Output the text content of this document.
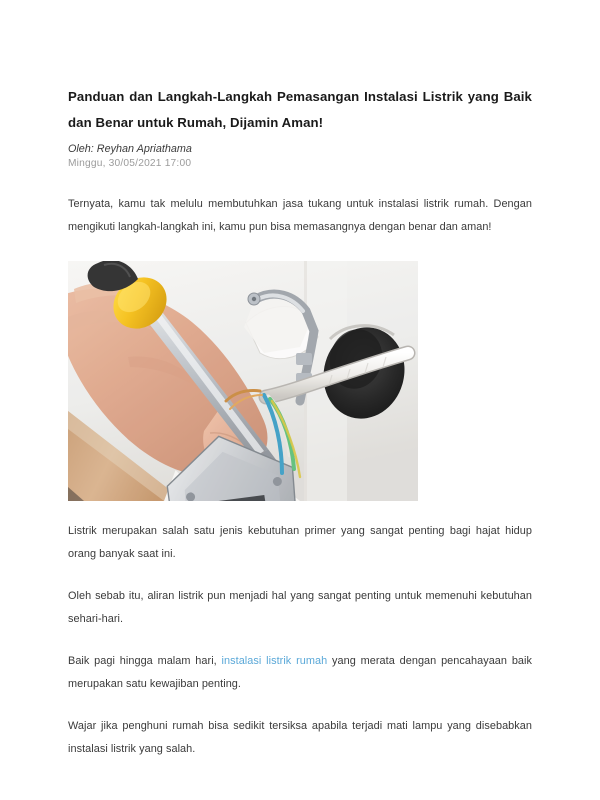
Panduan dan Langkah-Langkah Pemasangan Instalasi Listrik yang Baik
dan Benar untuk Rumah, Dijamin Aman!

Oleh: Reyhan Apriathama

Minggu, 30/05/2021 17:00

Ternyata, kamu tak melulu membutuhkan jasa tukang untuk instalasi listrik rumah. Dengan mengikuti langkah-langkah ini, kamu pun bisa memasangnya dengan benar dan aman!

Listrik merupakan salah satu jenis kebutuhan primer yang sangat penting bagi hajat hidup orang banyak saat ini.

Oleh sebab itu, aliran listrik pun menjadi hal yang sangat penting untuk memenuhi kebutuhan sehari-hari.

Baik pagi hingga malam hari, instalasi listrik rumah yang merata dengan pencahayaan baik merupakan satu kewajiban penting.

Wajar jika penghuni rumah bisa sedikit tersiksa apabila terjadi mati lampu yang disebabkan instalasi listrik yang salah.
